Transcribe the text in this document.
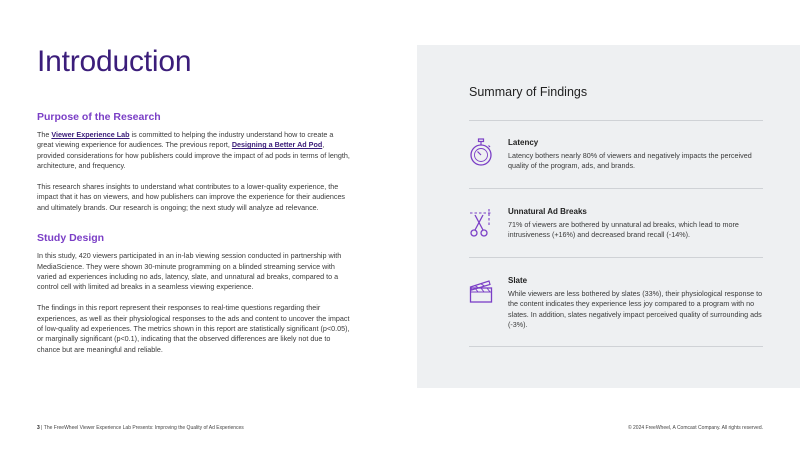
Introduction
Purpose of the Research

The Viewer Experience Lab is committed to helping the industry understand how to create a great viewing experience for audiences. The previous report, Designing a Better Ad Pod, provided considerations for how publishers could improve the impact of ad pods in terms of length, architecture, and frequency.

This research shares insights to understand what contributes to a lower-quality experience, the impact that it has on viewers, and how publishers can improve the experience for their audiences and ultimately brands. Our research is ongoing; the next study will analyze ad relevance.

Study Design

In this study, 420 viewers participated in an in-lab viewing session conducted in partnership with MediaScience. They were shown 30-minute programming on a blinded streaming service with varied ad experiences including no ads, latency, slate, and unnatural ad breaks, compared to a control cell with limited ad breaks in a seamless viewing experience.

The findings in this report represent their responses to real-time questions regarding their experiences, as well as their physiological responses to the ads and content to uncover the impact of low-quality ad experiences. The metrics shown in this report are statistically significant (p<0.05), or marginally significant (p<0.1), indicating that the observed differences are likely not due to chance but are meaningful and reliable.

Summary of Findings
Latency
Latency bothers nearly 80% of viewers and negatively impacts the perceived quality of the program, ads, and brands.
Unnatural Ad Breaks
71% of viewers are bothered by unnatural ad breaks, which lead to more intrusiveness (+16%) and decreased brand recall (-14%).
Slate
While viewers are less bothered by slates (33%), their physiological response to the content indicates they experience less joy compared to a program with no slates. In addition, slates negatively impact perceived quality of surrounding ads (-3%).
3 | The FreeWheel Viewer Experience Lab Presents: Improving the Quality of Ad Experiences	© 2024 FreeWheel, A Comcast Company. All rights reserved.
